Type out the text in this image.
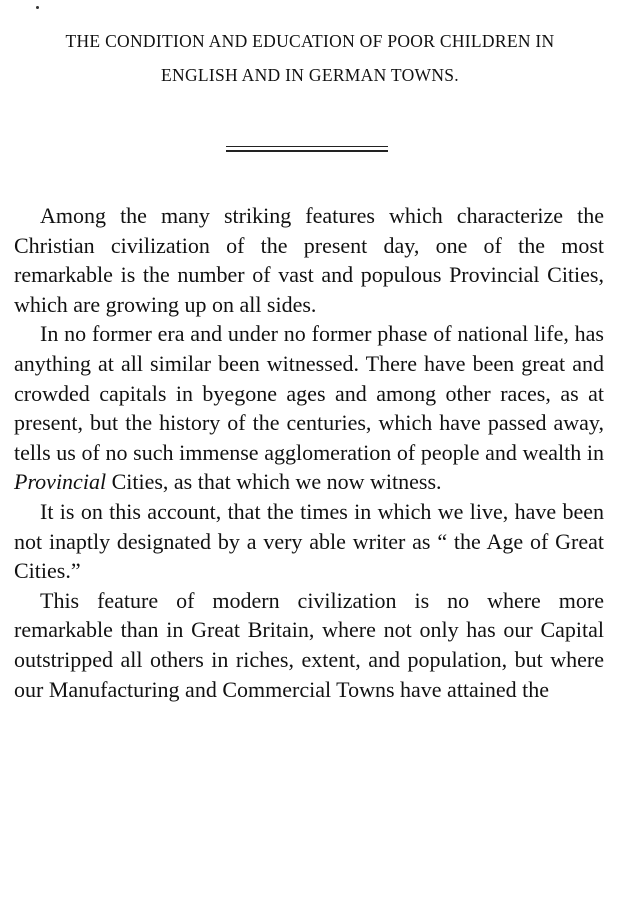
THE CONDITION AND EDUCATION OF POOR CHILDREN IN
ENGLISH AND IN GERMAN TOWNS.

Among the many striking features which characterize the Christian civilization of the present day, one of the most remarkable is the number of vast and populous Provincial Cities, which are growing up on all sides.

In no former era and under no former phase of national life, has anything at all similar been witnessed. There have been great and crowded capitals in byegone ages and among other races, as at present, but the history of the centuries, which have passed away, tells us of no such immense agglomeration of people and wealth in Provincial Cities, as that which we now witness.

It is on this account, that the times in which we live, have been not inaptly designated by a very able writer as “ the Age of Great Cities.”

This feature of modern civilization is no where more remarkable than in Great Britain, where not only has our Capital outstripped all others in riches, extent, and population, but where our Manufacturing and Commercial Towns have attained the
